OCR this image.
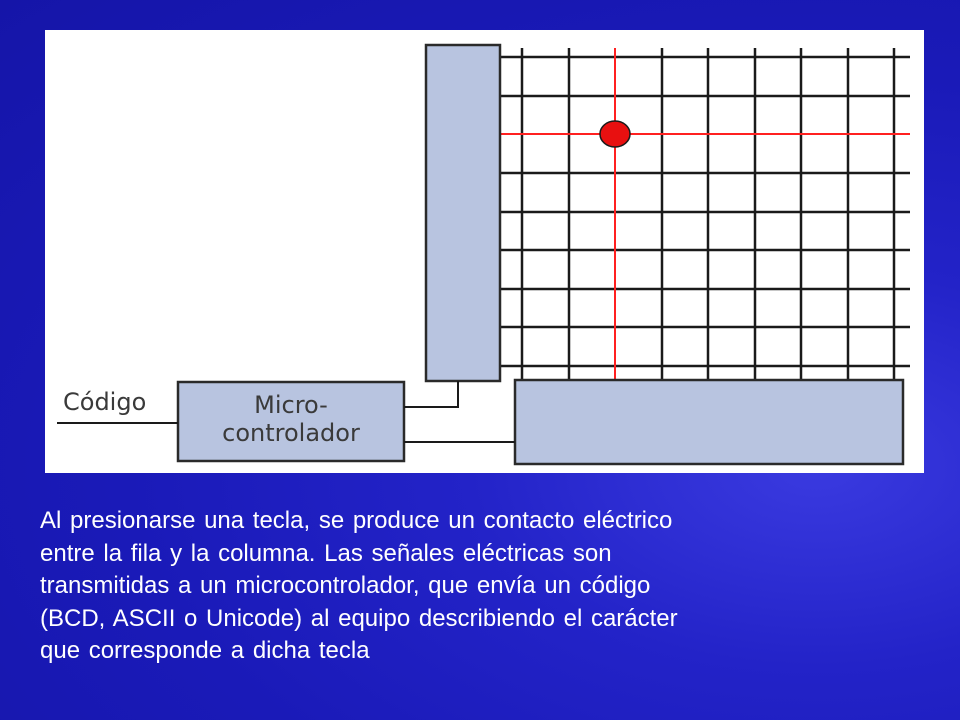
Micro-
controlador
Código
Al presionarse una tecla, se produce un contacto eléctrico
entre la fila y la columna. Las señales eléctricas son
transmitidas a un microcontrolador, que envía un código
(BCD, ASCII o Unicode) al equipo describiendo el carácter
que corresponde a dicha tecla
